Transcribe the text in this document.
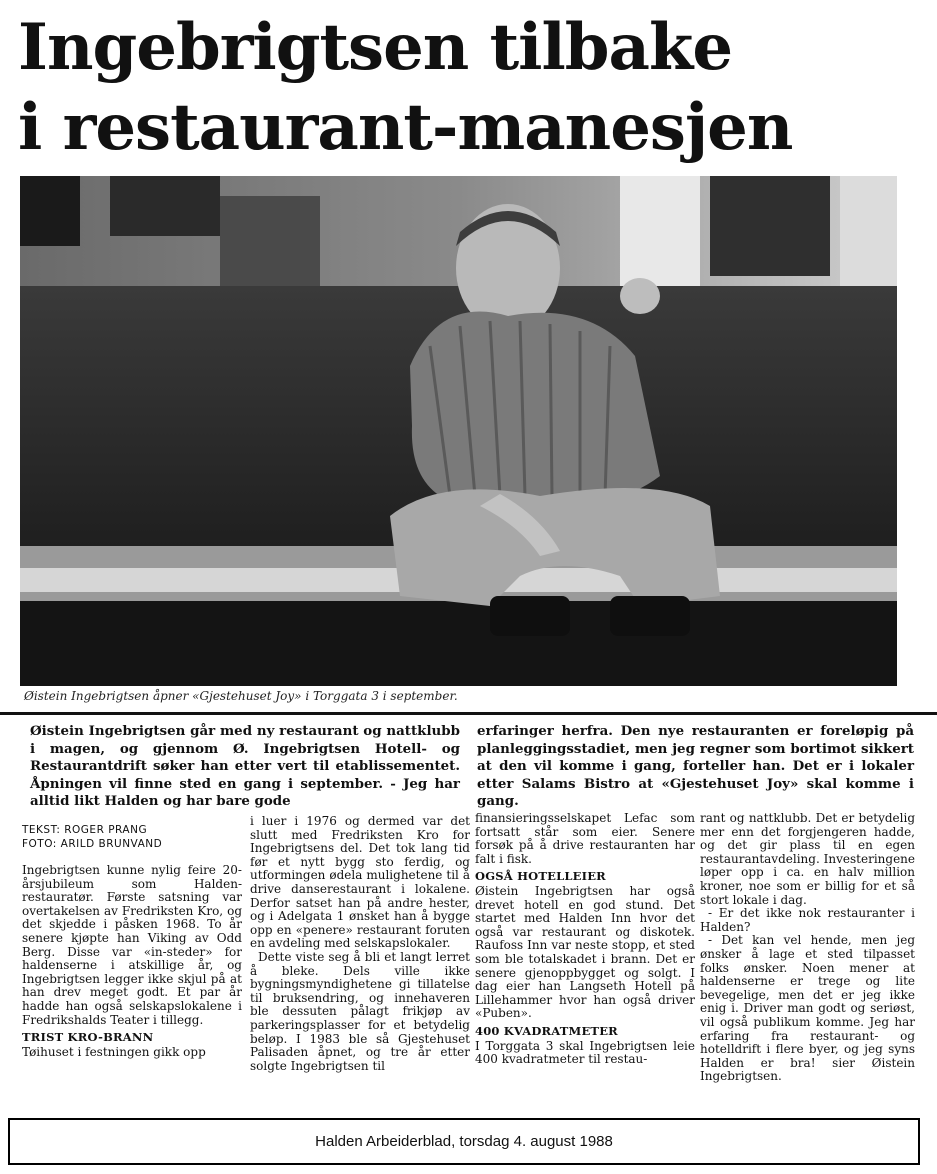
Ingebrigtsen tilbake
i restaurant-manesjen
Øistein Ingebrigtsen åpner «Gjestehuset Joy» i Torggata 3 i september.

Øistein Ingebrigtsen går med ny restaurant og nattklubb i magen, og gjennom Ø. Ingebrigtsen Hotell- og Restaurantdrift søker han etter vert til etablissementet. Åpningen vil finne sted en gang i september. - Jeg har alltid likt Halden og har bare gode

erfaringer herfra. Den nye restauranten er foreløpig på planleggingsstadiet, men jeg regner som bortimot sikkert at den vil komme i gang, forteller han. Det er i lokaler etter Salams Bistro at «Gjestehuset Joy» skal komme i gang.

TEKST: ROGER PRANG
FOTO: ARILD BRUNVAND

Ingebrigtsen kunne nylig feire 20-årsjubileum som Halden-restauratør. Første satsning var overtakelsen av Fredriksten Kro, og det skjedde i påsken 1968. To år senere kjøpte han Viking av Odd Berg. Disse var «in-steder» for haldenserne i atskillige år, og Ingebrigtsen legger ikke skjul på at han drev meget godt. Et par år hadde han også selskapslokalene i Fredrikshalds Teater i tillegg.

TRIST KRO-BRANN

Tøihuset i festningen gikk opp

i luer i 1976 og dermed var det slutt med Fredriksten Kro for Ingebrigtsens del. Det tok lang tid før et nytt bygg sto ferdig, og utformingen ødela mulighetene til å drive danserestaurant i lokalene. Derfor satset han på andre hester, og i Adelgata 1 ønsket han å bygge opp en «penere» restaurant foruten en avdeling med selskapslokaler.

Dette viste seg å bli et langt lerret å bleke. Dels ville ikke bygningsmyndighetene gi tillatelse til bruksendring, og innehaveren ble dessuten pålagt frikjøp av parkeringsplasser for et betydelig beløp. I 1983 ble så Gjestehuset Palisaden åpnet, og tre år etter solgte Ingebrigtsen til

finansieringsselskapet Lefac som fortsatt står som eier. Senere forsøk på å drive restauranten har falt i fisk.

OGSÅ HOTELLEIER

Øistein Ingebrigtsen har også drevet hotell en god stund. Det startet med Halden Inn hvor det også var restaurant og diskotek. Raufoss Inn var neste stopp, et sted som ble totalskadet i brann. Det er senere gjenoppbygget og solgt. I dag eier han Langseth Hotell på Lillehammer hvor han også driver «Puben».

400 KVADRATMETER

I Torggata 3 skal Ingebrigtsen leie 400 kvadratmeter til restau-

rant og nattklubb. Det er betydelig mer enn det forgjengeren hadde, og det gir plass til en egen restaurantavdeling. Investeringene løper opp i ca. en halv million kroner, noe som er billig for et så stort lokale i dag.

- Er det ikke nok restauranter i Halden?

- Det kan vel hende, men jeg ønsker å lage et sted tilpasset folks ønsker. Noen mener at haldenserne er trege og lite bevegelige, men det er jeg ikke enig i. Driver man godt og seriøst, vil også publikum komme. Jeg har erfaring fra restaurant- og hotelldrift i flere byer, og jeg syns Halden er bra! sier Øistein Ingebrigtsen.

Halden Arbeiderblad, torsdag 4. august 1988
